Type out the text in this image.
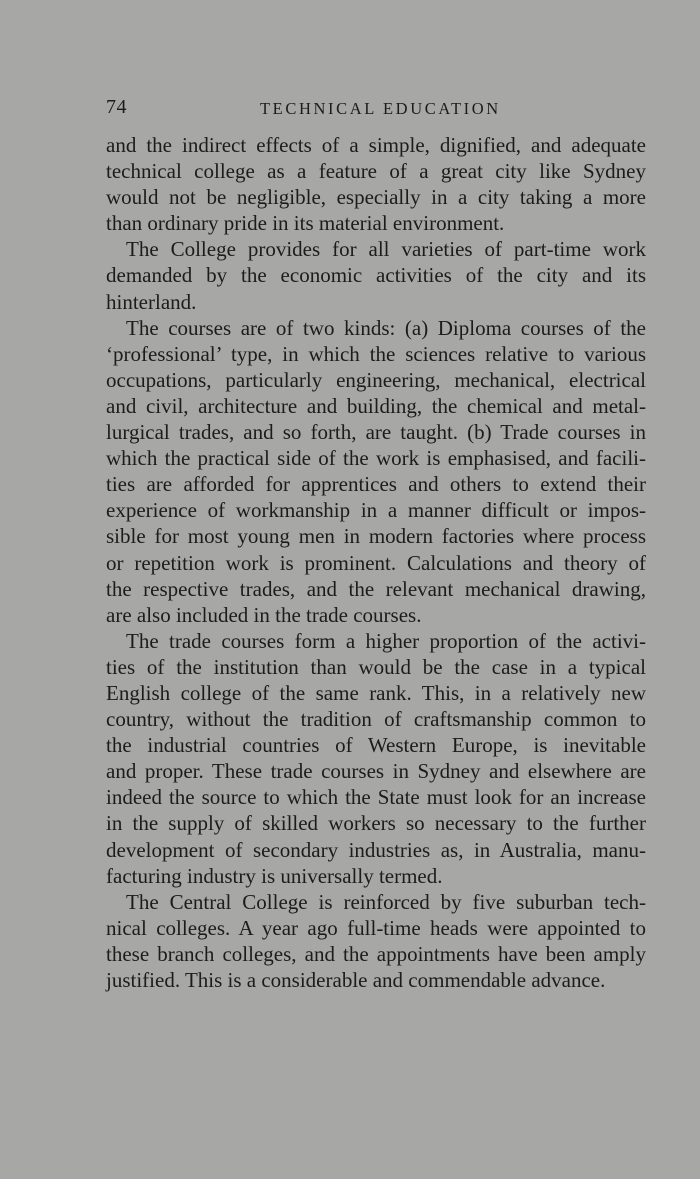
74	TECHNICAL EDUCATION
and the indirect effects of a simple, dignified, and adequate
technical college as a feature of a great city like Sydney
would not be negligible, especially in a city taking a more
than ordinary pride in its material environment.
The College provides for all varieties of part-time work
demanded by the economic activities of the city and its
hinterland.
The courses are of two kinds: (a) Diploma courses of the
‘professional’ type, in which the sciences relative to various
occupations, particularly engineering, mechanical, electrical
and civil, architecture and building, the chemical and metal-
lurgical trades, and so forth, are taught. (b) Trade courses in
which the practical side of the work is emphasised, and facili-
ties are afforded for apprentices and others to extend their
experience of workmanship in a manner difficult or impos-
sible for most young men in modern factories where process
or repetition work is prominent. Calculations and theory of
the respective trades, and the relevant mechanical drawing,
are also included in the trade courses.
The trade courses form a higher proportion of the activi-
ties of the institution than would be the case in a typical
English college of the same rank. This, in a relatively new
country, without the tradition of craftsmanship common to
the industrial countries of Western Europe, is inevitable
and proper. These trade courses in Sydney and elsewhere are
indeed the source to which the State must look for an increase
in the supply of skilled workers so necessary to the further
development of secondary industries as, in Australia, manu-
facturing industry is universally termed.
The Central College is reinforced by five suburban tech-
nical colleges. A year ago full-time heads were appointed to
these branch colleges, and the appointments have been amply
justified. This is a considerable and commendable advance.
